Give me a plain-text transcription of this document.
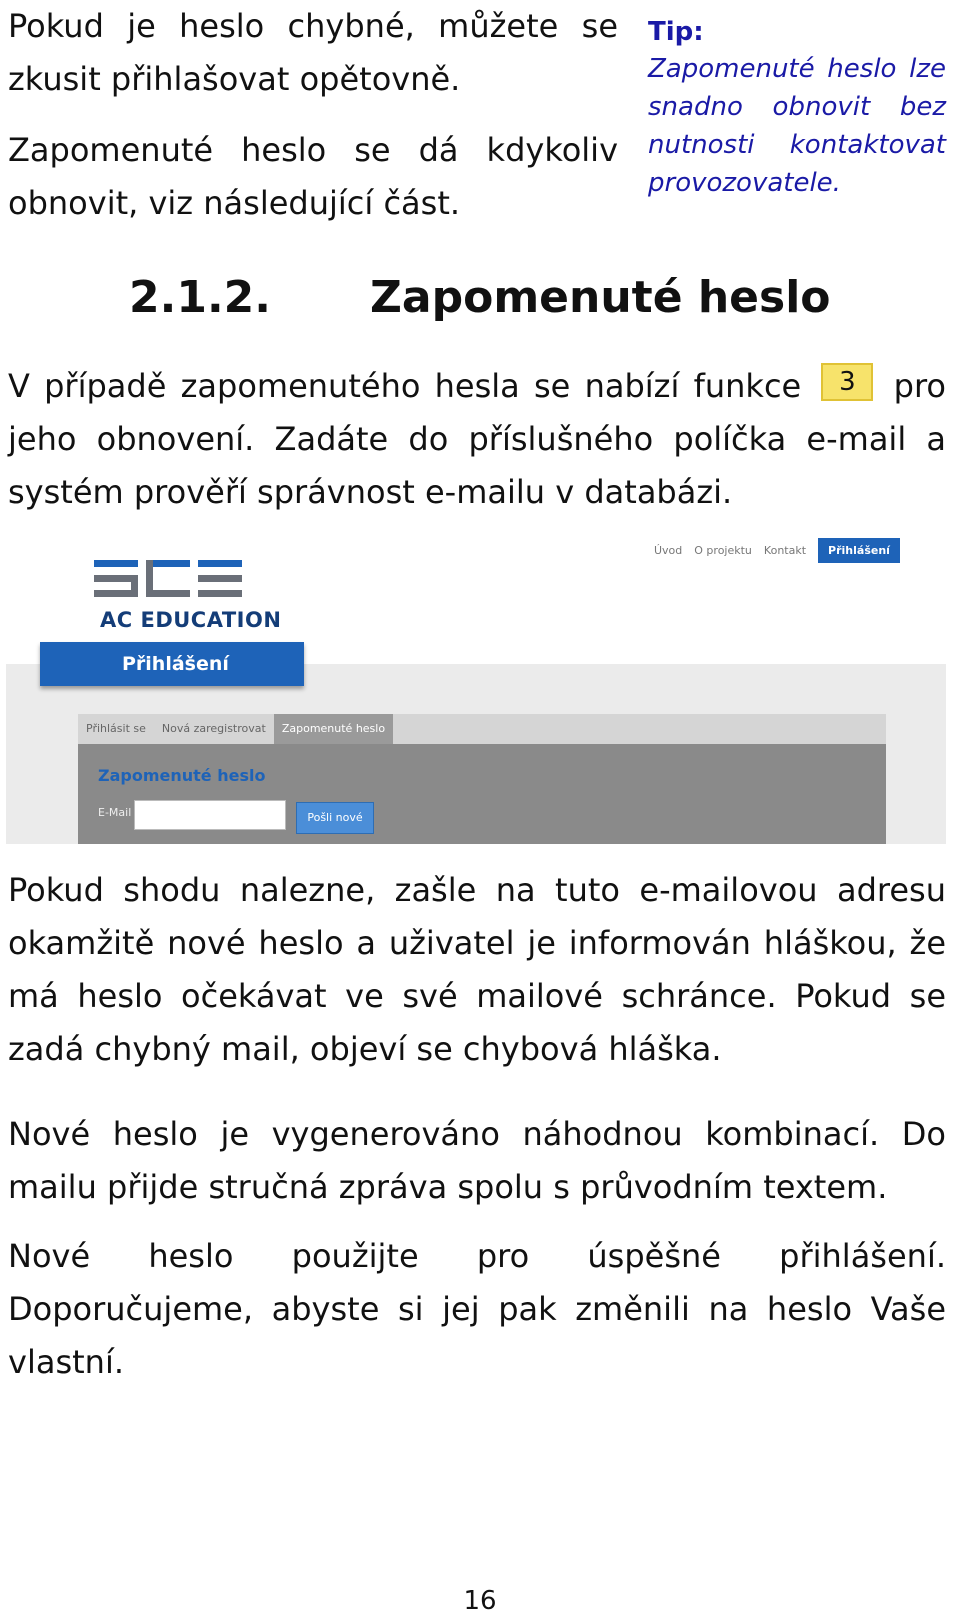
Pokud je heslo chybné, můžete se zkusit přihlašovat opětovně.

Zapomenuté heslo se dá kdykoliv obnovit, viz následující část.

Tip:
Zapomenuté heslo lze snadno obnovit bez nutnosti kontaktovat provozovatele.
2.1.2. Zapomenuté heslo

V případě zapomenutého hesla se nabízí funkce 3 pro jeho obnovení. Zadáte do příslušného políčka e-mail a systém prověří správnost e-mailu v databázi.

AC EDUCATION
Úvod O projektu Kontakt	Přihlášení
Přihlášení
Přihlásit se	Nová zaregistrovat	Zapomenuté heslo
Zapomenuté heslo
E-Mail	Pošli nové

Pokud shodu nalezne, zašle na tuto e-mailovou adresu okamžitě nové heslo a uživatel je informován hláškou, že má heslo očekávat ve své mailové schránce. Pokud se zadá chybný mail, objeví se chybová hláška.

Nové heslo je vygenerováno náhodnou kombinací. Do mailu přijde stručná zpráva spolu s průvodním textem.

Nové heslo použijte pro úspěšné přihlášení. Doporučujeme, abyste si jej pak změnili na heslo Vaše vlastní.

16
